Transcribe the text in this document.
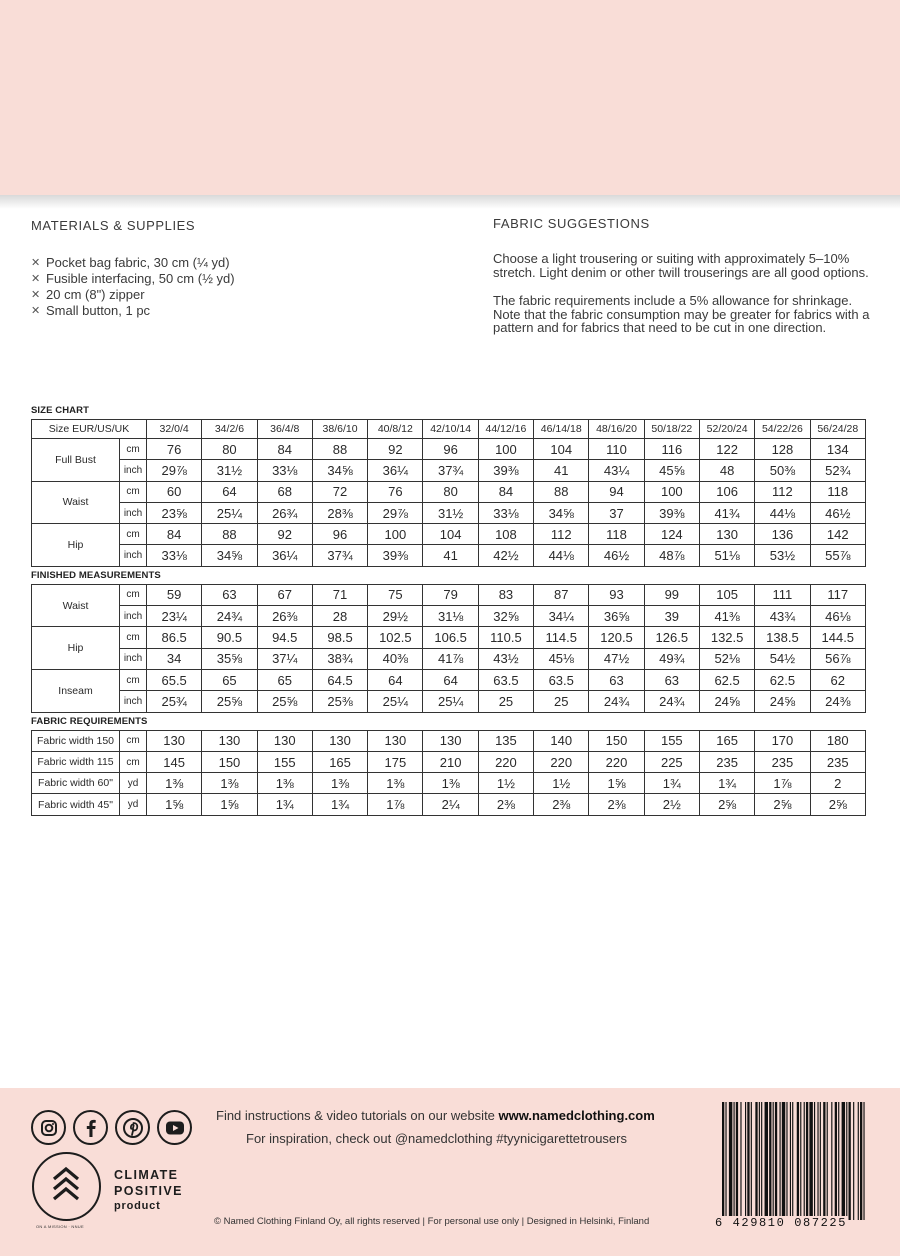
MATERIALS & SUPPLIES
✕ Pocket bag fabric, 30 cm (¼ yd)
✕ Fusible interfacing, 50 cm (½ yd)
✕ 20 cm (8") zipper
✕ Small button, 1 pc
FABRIC SUGGESTIONS

Choose a light trousering or suiting with approximately 5–10% stretch. Light denim or other twill trouserings are all good options.

The fabric requirements include a 5% allowance for shrinkage. Note that the fabric consumption may be greater for fabrics with a pattern and for fabrics that need to be cut in one direction.

SIZE CHART
Size EUR/US/UK		32/0/4	34/2/6	36/4/8	38/6/10	40/8/12	42/10/14	44/12/16	46/14/18	48/16/20	50/18/22	52/20/24	54/22/26	56/24/28
Full Bust	cm	76	80	84	88	92	96	100	104	110	116	122	128	134
	inch	29⅞	31½	33⅛	34⅝	36¼	37¾	39⅜	41	43¼	45⅝	48	50⅜	52¾
Waist	cm	60	64	68	72	76	80	84	88	94	100	106	112	118
	inch	23⅝	25¼	26¾	28⅜	29⅞	31½	33⅛	34⅝	37	39⅜	41¾	44⅛	46½
Hip	cm	84	88	92	96	100	104	108	112	118	124	130	136	142
	inch	33⅛	34⅝	36¼	37¾	39⅜	41	42½	44⅛	46½	48⅞	51⅛	53½	55⅞
FINISHED MEASUREMENTS
Waist	cm	59	63	67	71	75	79	83	87	93	99	105	111	117
	inch	23¼	24¾	26⅜	28	29½	31⅛	32⅝	34¼	36⅝	39	41⅜	43¾	46⅛
Hip	cm	86.5	90.5	94.5	98.5	102.5	106.5	110.5	114.5	120.5	126.5	132.5	138.5	144.5
	inch	34	35⅝	37¼	38¾	40⅜	41⅞	43½	45⅛	47½	49¾	52⅛	54½	56⅞
Inseam	cm	65.5	65	65	64.5	64	64	63.5	63.5	63	63	62.5	62.5	62
	inch	25¾	25⅝	25⅝	25⅜	25¼	25¼	25	25	24¾	24¾	24⅝	24⅝	24⅜
FABRIC REQUIREMENTS
Fabric width 150	cm	130	130	130	130	130	130	135	140	150	155	165	170	180
Fabric width 115	cm	145	150	155	165	175	210	220	220	220	225	235	235	235
Fabric width 60"	yd	1⅜	1⅜	1⅜	1⅜	1⅜	1⅜	1½	1½	1⅝	1¾	1¾	1⅞	2
Fabric width 45"	yd	1⅝	1⅝	1¾	1¾	1⅞	2¼	2⅜	2⅜	2⅜	2½	2⅝	2⅝	2⅝
ON A MISSION · NNUE
CLIMATE
POSITIVE
product
Find instructions & video tutorials on our website www.namedclothing.com
For inspiration, check out @namedclothing #tyynicigarettetrousers
© Named Clothing Finland Oy, all rights reserved | For personal use only | Designed in Helsinki, Finland	6 429810 087225
